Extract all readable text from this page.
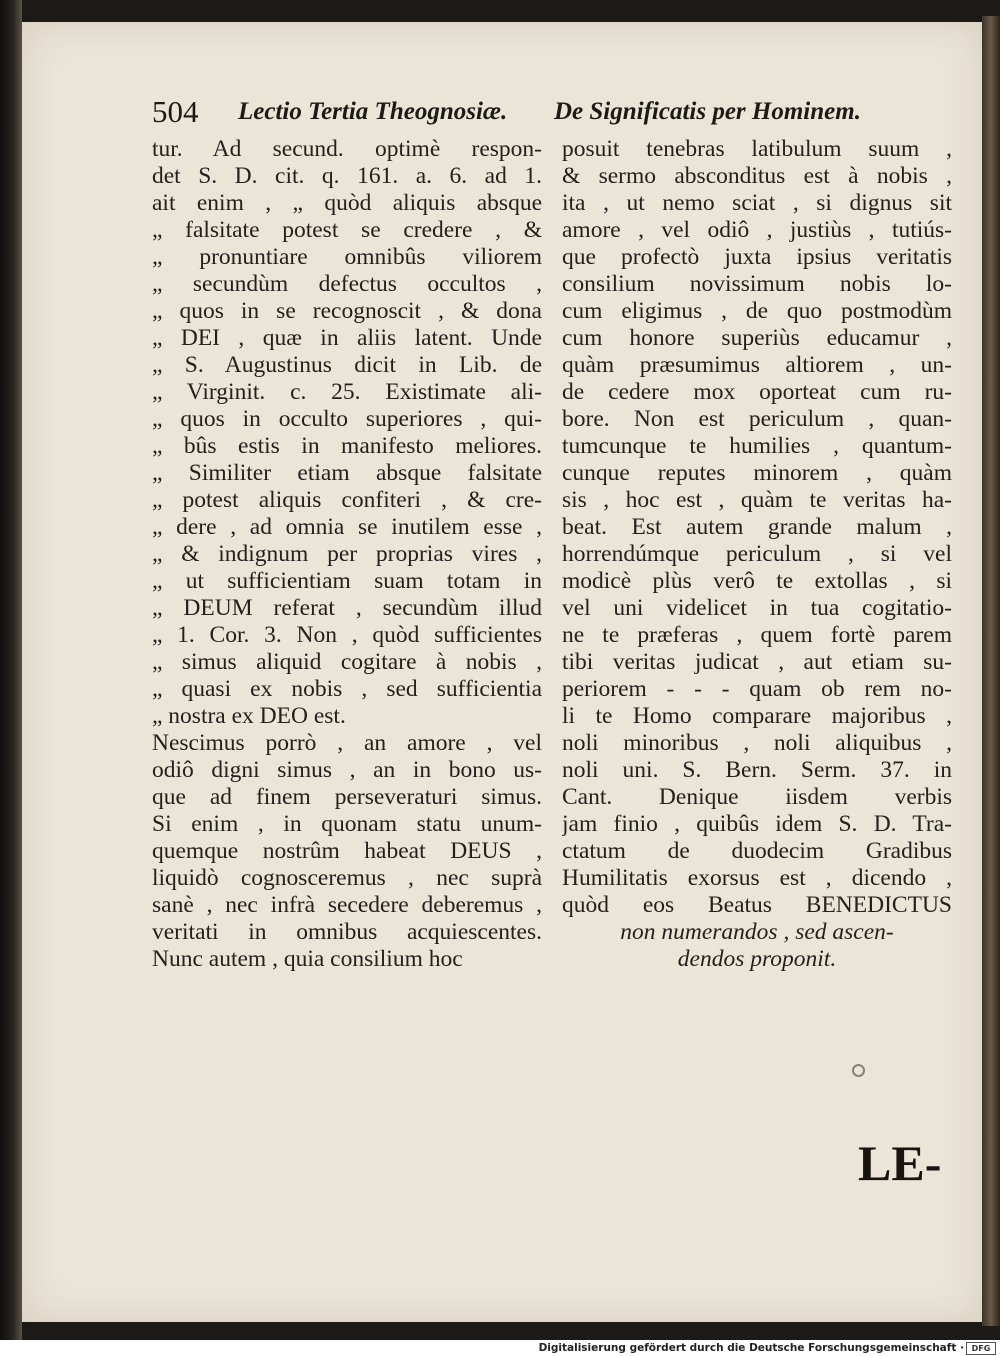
504 Lectio Tertia Theognosiæ. De Significatis per Hominem.
tur. Ad secund. optimè respon-
det S. D. cit. q. 161. a. 6. ad 1.
ait enim , „ quòd aliquis absque
„ falsitate potest se credere , &
„ pronuntiare omnibûs viliorem
„ secundùm defectus occultos ,
„ quos in se recognoscit , & dona
„ DEI , quæ in aliis latent. Unde
„ S. Augustinus dicit in Lib. de
„ Virginit. c. 25. Existimate ali-
„ quos in occulto superiores , qui-
„ bûs estis in manifesto meliores.
„ Similiter etiam absque falsitate
„ potest aliquis confiteri , & cre-
„ dere , ad omnia se inutilem esse ,
„ & indignum per proprias vires ,
„ ut sufficientiam suam totam in
„ DEUM referat , secundùm illud
„ 1. Cor. 3. Non , quòd sufficientes
„ simus aliquid cogitare à nobis ,
„ quasi ex nobis , sed sufficientia
„ nostra ex DEO est.
Nescimus porrò , an amore , vel
odiô digni simus , an in bono us-
que ad finem perseveraturi simus.
Si enim , in quonam statu unum-
quemque nostrûm habeat DEUS ,
liquidò cognosceremus , nec suprà
sanè , nec infrà secedere deberemus ,
veritati in omnibus acquiescentes.
Nunc autem , quia consilium hoc
posuit tenebras latibulum suum ,
& sermo absconditus est à nobis ,
ita , ut nemo sciat , si dignus sit
amore , vel odiô , justiùs , tutiús-
que profectò juxta ipsius veritatis
consilium novissimum nobis lo-
cum eligimus , de quo postmodùm
cum honore superiùs educamur ,
quàm præsumimus altiorem , un-
de cedere mox oporteat cum ru-
bore. Non est periculum , quan-
tumcunque te humilies , quantum-
cunque reputes minorem , quàm
sis , hoc est , quàm te veritas ha-
beat. Est autem grande malum ,
horrendúmque periculum , si vel
modicè plùs verô te extollas , si
vel uni videlicet in tua cogitatio-
ne te præferas , quem fortè parem
tibi veritas judicat , aut etiam su-
periorem - - - quam ob rem no-
li te Homo comparare majoribus ,
noli minoribus , noli aliquibus ,
noli uni. S. Bern. Serm. 37. in
Cant. Denique iisdem verbis
jam finio , quibûs idem S. D. Tra-
ctatum de duodecim Gradibus
Humilitatis exorsus est , dicendo ,
quòd eos Beatus BENEDICTUS
non numerandos , sed ascen-
dendos proponit.
LE-
Digitalisierung gefördert durch die Deutsche Forschungsgemeinschaft · DFG
